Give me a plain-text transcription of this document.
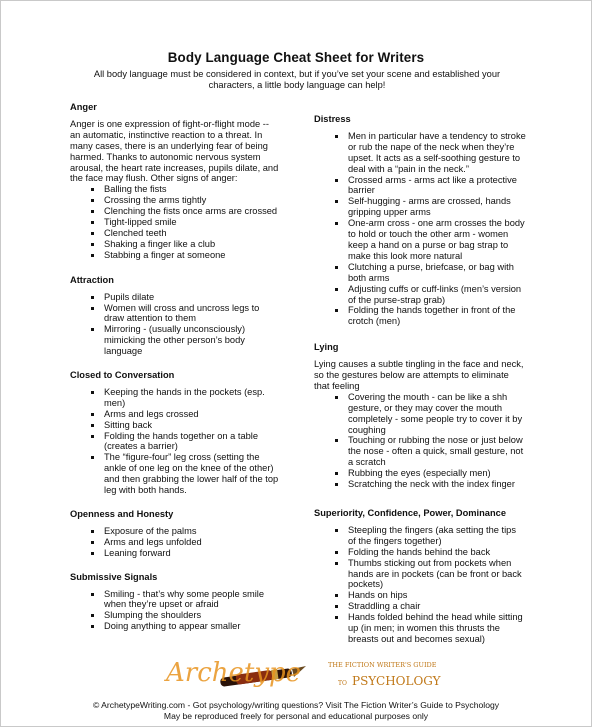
Body Language Cheat Sheet for Writers
All body language must be considered in context, but if you’ve set your scene and established your characters, a little body language can help!
Anger

Anger is one expression of fight-or-flight mode -- an automatic, instinctive reaction to a threat. In many cases, there is an underlying fear of being harmed. Thanks to autonomic nervous system arousal, the heart rate increases, pupils dilate, and the face may flush. Other signs of anger:

Balling the fists
Crossing the arms tightly
Clenching the fists once arms are crossed
Tight-lipped smile
Clenched teeth
Shaking a finger like a club
Stabbing a finger at someone
Attraction
Pupils dilate
Women will cross and uncross legs to draw attention to them
Mirroring - (usually unconsciously) mimicking the other person’s body language
Closed to Conversation
Keeping the hands in the pockets (esp. men)
Arms and legs crossed
Sitting back
Folding the hands together on a table (creates a barrier)
The “figure-four” leg cross (setting the ankle of one leg on the knee of the other) and then grabbing the lower half of the top leg with both hands.
Openness and Honesty
Exposure of the palms
Arms and legs unfolded
Leaning forward
Submissive Signals
Smiling - that’s why some people smile when they’re upset or afraid
Slumping the shoulders
Doing anything to appear smaller
Distress
Men in particular have a tendency to stroke or rub the nape of the neck when they’re upset. It acts as a self-soothing gesture to deal with a “pain in the neck.”
Crossed arms - arms act like a protective barrier
Self-hugging - arms are crossed, hands gripping upper arms
One-arm cross - one arm crosses the body to hold or touch the other arm - women keep a hand on a purse or bag strap to make this look more natural
Clutching a purse, briefcase, or bag with both arms
Adjusting cuffs or cuff-links (men’s version of the purse-strap grab)
Folding the hands together in front of the crotch (men)
Lying

Lying causes a subtle tingling in the face and neck, so the gestures below are attempts to eliminate that feeling

Covering the mouth - can be like a shh gesture, or they may cover the mouth completely - some people try to cover it by coughing
Touching or rubbing the nose or just below the nose - often a quick, small gesture, not a scratch
Rubbing the eyes (especially men)
Scratching the neck with the index finger
Superiority, Confidence, Power, Dominance
Steepling the fingers (aka setting the tips of the fingers together)
Folding the hands behind the back
Thumbs sticking out from pockets when hands are in pockets (can be front or back pockets)
Hands on hips
Straddling a chair
Hands folded behind the head while sitting up (in men; in women this thrusts the breasts out and becomes sexual)
Archetype	THE FICTION WRITER'S GUIDE
TO PSYCHOLOGY
© ArchetypeWriting.com - Got psychology/writing questions? Visit The Fiction Writer’s Guide to Psychology
May be reproduced freely for personal and educational purposes only
